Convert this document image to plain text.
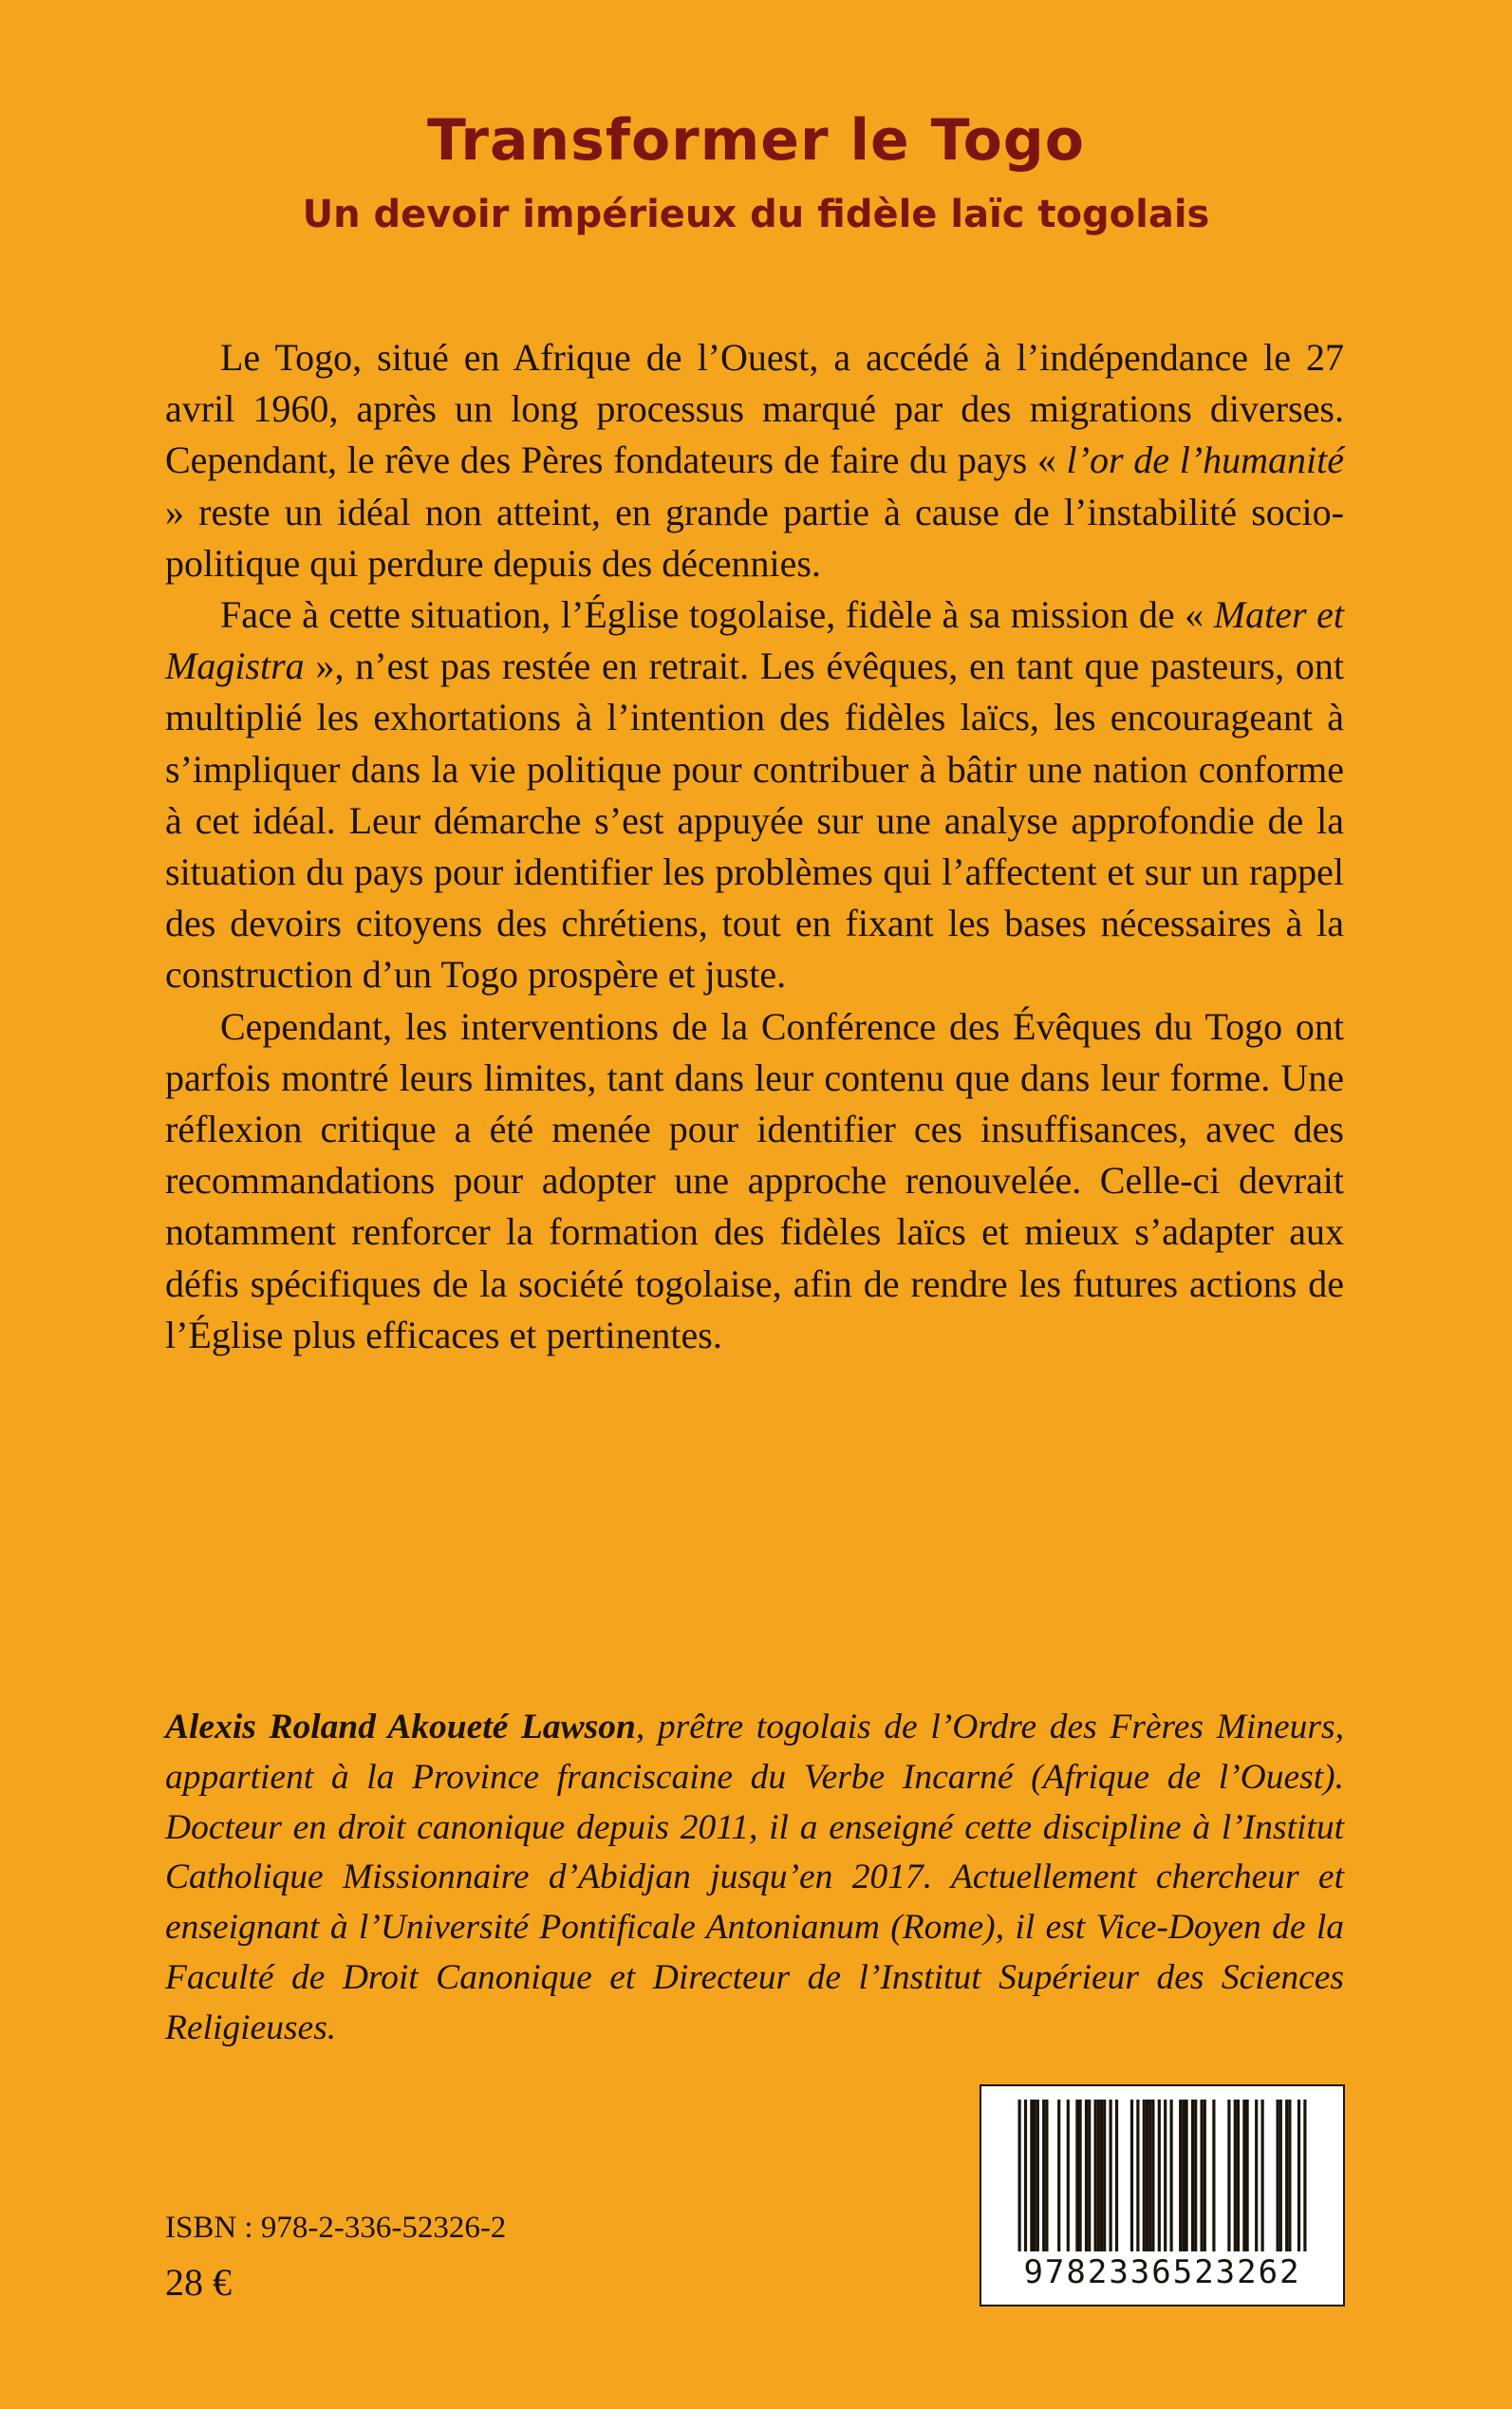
Transformer le Togo
Un devoir impérieux du fidèle laïc togolais

Le Togo, situé en Afrique de l’Ouest, a accédé à l’indépendance le 27 avril 1960, après un long processus marqué par des migrations diverses. Cependant, le rêve des Pères fondateurs de faire du pays « l’or de l’humanité » reste un idéal non atteint, en grande partie à cause de l’instabilité socio-politique qui perdure depuis des décennies.

Face à cette situation, l’Église togolaise, fidèle à sa mission de « Mater et Magistra », n’est pas restée en retrait. Les évêques, en tant que pasteurs, ont multiplié les exhortations à l’intention des fidèles laïcs, les encourageant à s’impliquer dans la vie politique pour contribuer à bâtir une nation conforme à cet idéal. Leur démarche s’est appuyée sur une analyse approfondie de la situation du pays pour identifier les problèmes qui l’affectent et sur un rappel des devoirs citoyens des chrétiens, tout en fixant les bases nécessaires à la construction d’un Togo prospère et juste.

Cependant, les interventions de la Conférence des Évêques du Togo ont parfois montré leurs limites, tant dans leur contenu que dans leur forme. Une réflexion critique a été menée pour identifier ces insuffisances, avec des recommandations pour adopter une approche renouvelée. Celle-ci devrait notamment renforcer la formation des fidèles laïcs et mieux s’adapter aux défis spécifiques de la société togolaise, afin de rendre les futures actions de l’Église plus efficaces et pertinentes.

Alexis Roland Akoueté Lawson, prêtre togolais de l’Ordre des Frères Mineurs, appartient à la Province franciscaine du Verbe Incarné (Afrique de l’Ouest). Docteur en droit canonique depuis 2011, il a enseigné cette discipline à l’Institut Catholique Missionnaire d’Abidjan jusqu’en 2017. Actuellement chercheur et enseignant à l’Université Pontificale Antonianum (Rome), il est Vice-Doyen de la Faculté de Droit Canonique et Directeur de l’Institut Supérieur des Sciences Religieuses.

ISBN : 978-2-336-52326-2
28 €	9782336523262
